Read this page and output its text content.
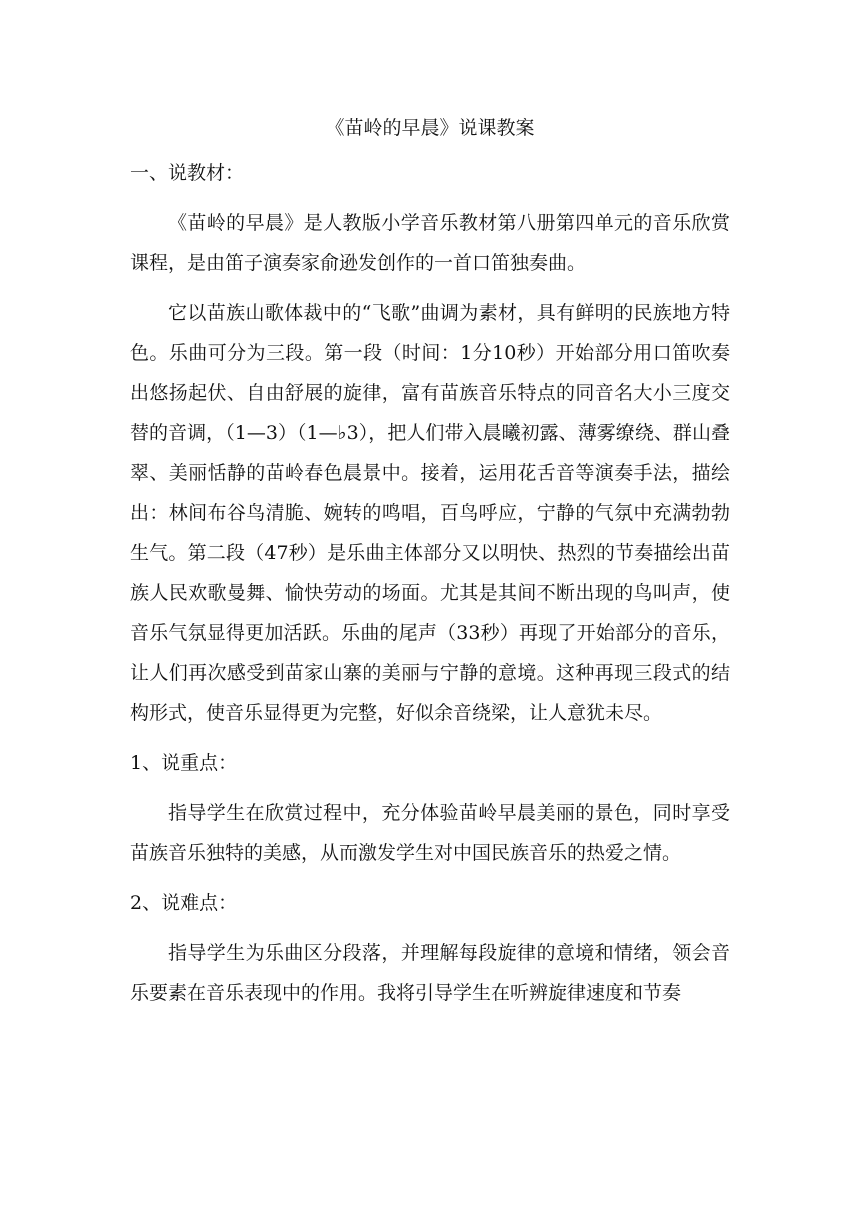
《苗岭的早晨》说课教案
一、说教材：

《苗岭的早晨》是人教版小学音乐教材第八册第四单元的音乐欣赏课程，是由笛子演奏家俞逊发创作的一首口笛独奏曲。

它以苗族山歌体裁中的“飞歌”曲调为素材，具有鲜明的民族地方特色。乐曲可分为三段。第一段（时间：1分10秒）开始部分用口笛吹奏出悠扬起伏、自由舒展的旋律，富有苗族音乐特点的同音名大小三度交替的音调，（1—3）（1—♭3），把人们带入晨曦初露、薄雾缭绕、群山叠翠、美丽恬静的苗岭春色晨景中。接着，运用花舌音等演奏手法，描绘出：林间布谷鸟清脆、婉转的鸣唱，百鸟呼应，宁静的气氛中充满勃勃生气。第二段（47秒）是乐曲主体部分又以明快、热烈的节奏描绘出苗族人民欢歌曼舞、愉快劳动的场面。尤其是其间不断出现的鸟叫声，使音乐气氛显得更加活跃。乐曲的尾声（33秒）再现了开始部分的音乐，让人们再次感受到苗家山寨的美丽与宁静的意境。这种再现三段式的结构形式，使音乐显得更为完整，好似余音绕梁，让人意犹未尽。

1、说重点：

指导学生在欣赏过程中，充分体验苗岭早晨美丽的景色，同时享受苗族音乐独特的美感，从而激发学生对中国民族音乐的热爱之情。

2、说难点：

指导学生为乐曲区分段落，并理解每段旋律的意境和情绪，领会音乐要素在音乐表现中的作用。我将引导学生在听辨旋律速度和节奏
